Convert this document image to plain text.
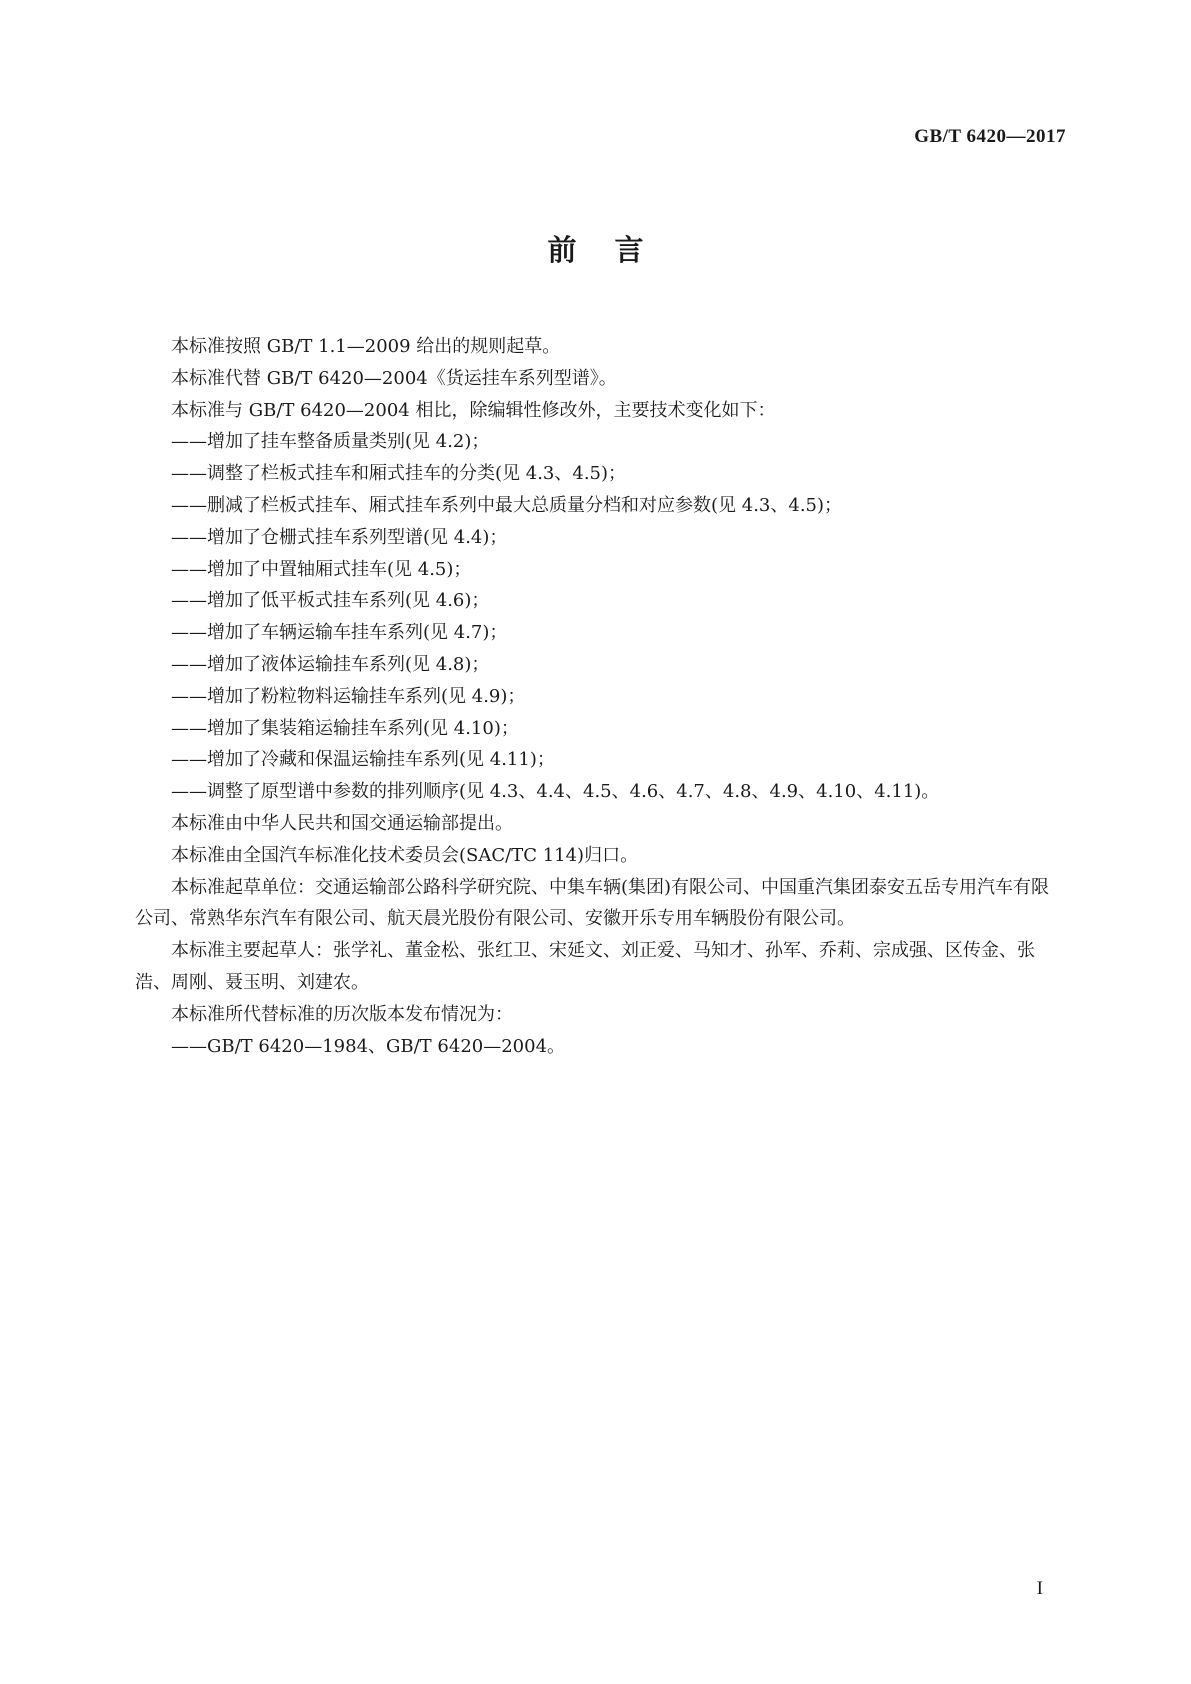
GB/T 6420—2017
前言

本标准按照 GB/T 1.1—2009 给出的规则起草。

本标准代替 GB/T 6420—2004《货运挂车系列型谱》。

本标准与 GB/T 6420—2004 相比，除编辑性修改外，主要技术变化如下：

——增加了挂车整备质量类别(见 4.2)；

——调整了栏板式挂车和厢式挂车的分类(见 4.3、4.5)；

——删减了栏板式挂车、厢式挂车系列中最大总质量分档和对应参数(见 4.3、4.5)；

——增加了仓栅式挂车系列型谱(见 4.4)；

——增加了中置轴厢式挂车(见 4.5)；

——增加了低平板式挂车系列(见 4.6)；

——增加了车辆运输车挂车系列(见 4.7)；

——增加了液体运输挂车系列(见 4.8)；

——增加了粉粒物料运输挂车系列(见 4.9)；

——增加了集装箱运输挂车系列(见 4.10)；

——增加了冷藏和保温运输挂车系列(见 4.11)；

——调整了原型谱中参数的排列顺序(见 4.3、4.4、4.5、4.6、4.7、4.8、4.9、4.10、4.11)。

本标准由中华人民共和国交通运输部提出。

本标准由全国汽车标准化技术委员会(SAC/TC 114)归口。

本标准起草单位：交通运输部公路科学研究院、中集车辆(集团)有限公司、中国重汽集团泰安五岳专用汽车有限公司、常熟华东汽车有限公司、航天晨光股份有限公司、安徽开乐专用车辆股份有限公司。

本标准主要起草人：张学礼、董金松、张红卫、宋延文、刘正爱、马知才、孙军、乔莉、宗成强、区传金、张浩、周刚、聂玉明、刘建农。

本标准所代替标准的历次版本发布情况为：

——GB/T 6420—1984、GB/T 6420—2004。

I
